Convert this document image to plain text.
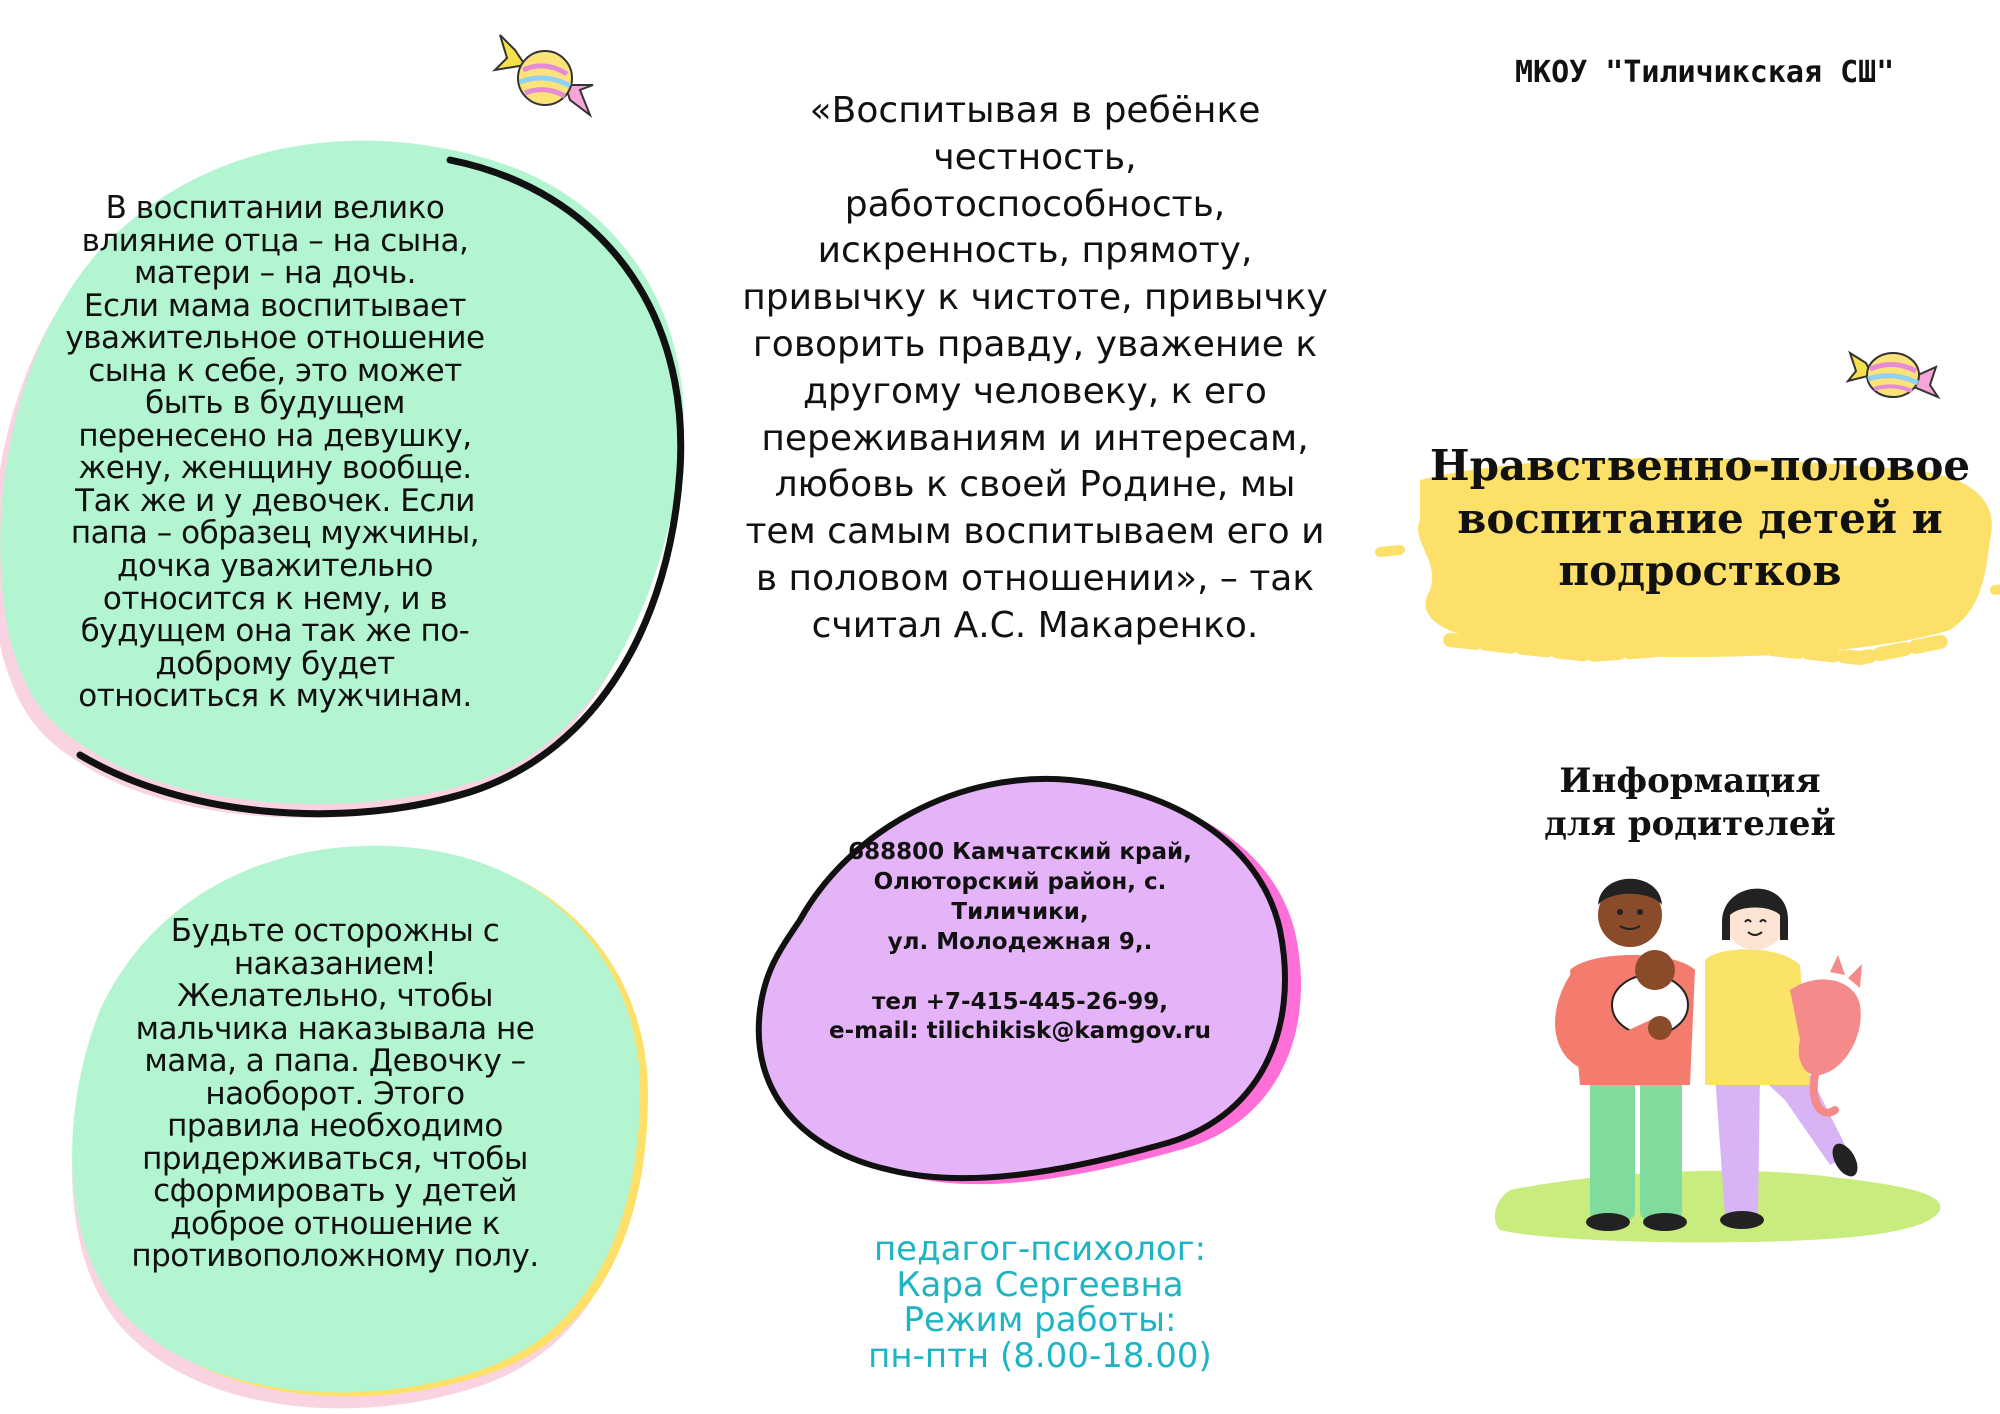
В воспитании велико
влияние отца – на сына,
матери – на дочь.
Если мама воспитывает
уважительное отношение
сына к себе, это может
быть в будущем
перенесено на девушку,
жену, женщину вообще.
Так же и у девочек. Если
папа – образец мужчины,
дочка уважительно
относится к нему, и в
будущем она так же по-
доброму будет
относиться к мужчинам.
Будьте осторожны с
наказанием!
Желательно, чтобы
мальчика наказывала не
мама, а папа. Девочку –
наоборот. Этого
правила необходимо
придерживаться, чтобы
сформировать у детей
доброе отношение к
противоположному полу.
«Воспитывая в ребёнке
честность,
работоспособность,
искренность, прямоту,
привычку к чистоте, привычку
говорить правду, уважение к
другому человеку, к его
переживаниям и интересам,
любовь к своей Родине, мы
тем самым воспитываем его и
в половом отношении», – так
считал А.С. Макаренко.
688800 Камчатский край,
Олюторский район, с.
Тиличики,
ул. Молодежная 9,.
тел +7-415-445-26-99,
e-mail: tilichikisk@kamgov.ru
педагог-психолог:
Кара Сергеевна
Режим работы:
пн-птн (8.00-18.00)
МКОУ "Тиличикская СШ"
Нравственно-половое
воспитание детей и
подростков
Информация
для родителей
